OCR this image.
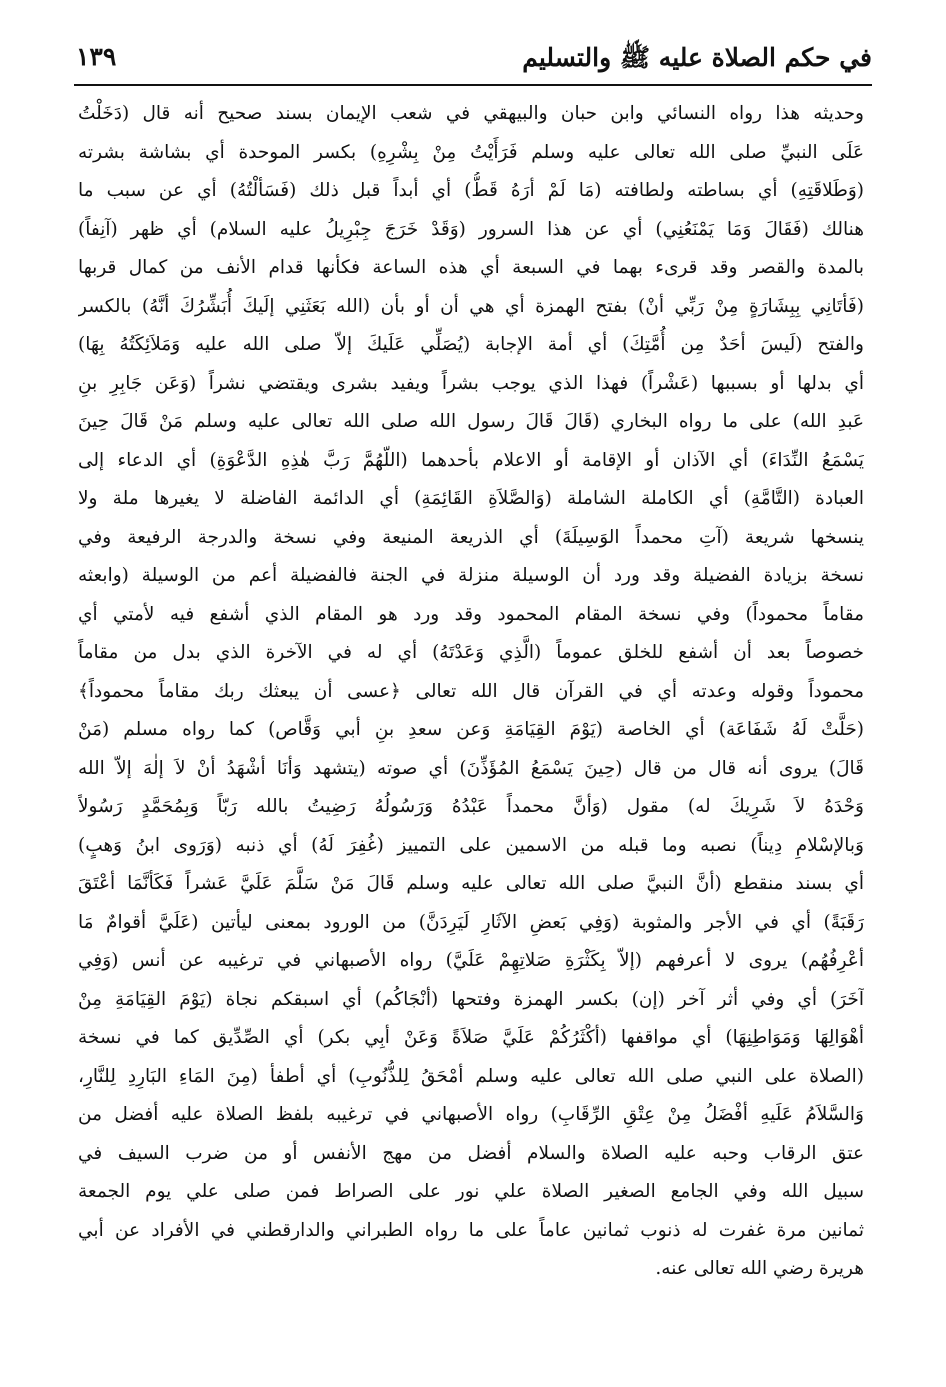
في حكم الصلاة عليه ﷺ والتسليم
١٣٩
وحديثه هذا رواه النسائي وابن حبان والبيهقي في شعب الإيمان بسند صحيح أنه قال (دَخَلْتُ
عَلَى النبيِّ صلى الله تعالى عليه وسلم فَرَأَيْتُ مِنْ بِشْرِهِ) بكسر الموحدة أي بشاشة بشرته
(وَطَلاقَتِهِ) أي بساطته ولطافته (مَا لَمْ أرَهُ قَطُّ) أي أبداً قبل ذلك (فَسَألْتُهُ) أي عن سبب ما
هنالك (فَقَالَ وَمَا يَمْنَعُنِي) أي عن هذا السرور (وَقَدْ خَرَجَ جِبْرِيلُ عليه السلام) أي ظهر (آنِفاً)
بالمدة والقصر وقد قرىء بهما في السبعة أي هذه الساعة فكأنها قدام الأنف من كمال قربها
(فَأتَانِي بِبِشَارَةٍ مِنْ رَبِّي أنْ) بفتح الهمزة أي هي أن أو بأن (الله بَعَثَنِي إلَيكَ أُبَشِّرُكَ أنَّهُ) بالكسر
والفتح (لَيسَ أحَدٌ مِن أُمَّتِكَ) أي أمة الإجابة (يُصَلِّي عَلَيكَ إلاّ صلى الله عليه وَمَلاَئِكَتُهُ بِهَا)
أي بدلها أو بسببها (عَشْراً) فهذا الذي يوجب بشراً ويفيد بشرى ويقتضي نشراً (وَعَن جَابِرِ بنِ
عَبدِ الله) على ما رواه البخاري (قَالَ قَالَ رسول الله صلى الله تعالى عليه وسلم مَنْ قَالَ حِينَ
يَسْمَعُ النِّدَاءَ) أي الآذان أو الإقامة أو الاعلام بأحدهما (اللّهُمَّ رَبَّ هٰذِهِ الدَّعْوَةِ) أي الدعاء إلى
العبادة (التَّامَّةِ) أي الكاملة الشاملة (وَالصَّلاَةِ القَائِمَةِ) أي الدائمة الفاضلة لا يغيرها ملة ولا
ينسخها شريعة (آتِ محمداً الوَسِيلَةَ) أي الذريعة المنيعة وفي نسخة والدرجة الرفيعة وفي
نسخة بزيادة الفضيلة وقد ورد أن الوسيلة منزلة في الجنة فالفضيلة أعم من الوسيلة (وابعثه
مقاماً محموداً) وفي نسخة المقام المحمود وقد ورد هو المقام الذي أشفع فيه لأمتي أي
خصوصاً بعد أن أشفع للخلق عموماً (الَّذِي وَعَدْتَهُ) أي له في الآخرة الذي بدل من مقاماً
محموداً وقوله وعدته أي في القرآن قال الله تعالى ﴿عسى أن يبعثك ربك مقاماً محموداً﴾
(حَلَّتْ لَهُ شَفَاعَة) أي الخاصة (يَوْمَ القِيَامَةِ وَعن سعدِ بنِ أبي وَقَّاص) كما رواه مسلم (مَنْ
قَالَ) يروى أنه قال من قال (حِينَ يَسْمَعُ المُؤَذِّنَ) أي صوته (يتشهد وَأنَا أشْهَدُ أنْ لاَ إلٰهَ إلاّ الله
وَحْدَهُ لاَ شَرِيكَ له) مقول (وَأنَّ محمداً عَبْدُهُ وَرَسُولُهُ رَضِيتُ بالله رَبّاً وَبِمُحَمَّدٍ رَسُولاً
وَبالإسْلامِ دِيناً) نصبه وما قبله من الاسمين على التمييز (غُفِرَ لَهُ) أي ذنبه (وَرَوى ابنُ وَهبٍ)
أي بسند منقطع (أنَّ النبيَّ صلى الله تعالى عليه وسلم قَالَ مَنْ سَلَّمَ عَلَيَّ عَشراً فَكَأنَّمَا أعْتَقَ
رَقَبَةً) أي في الأجر والمثوبة (وَفِي بَعضِ الآثَارِ لَيَرِدَنَّ) من الورود بمعنى ليأتين (عَلَيَّ أقوامٌ مَا
أعْرِفُهُم) يروى لا أعرفهم (إلاّ بِكَثْرَةِ صَلاتِهِمْ عَلَيَّ) رواه الأصبهاني في ترغيبه عن أنس (وَفِي
آخَرَ) أي وفي أثر آخر (إن) بكسر الهمزة وفتحها (أنْجَاكُم) أي اسبقكم نجاة (يَوْمَ القِيَامَةِ مِنْ
أهْوَالِهَا وَمَوَاطِنِهَا) أي مواقفها (أكْثَرُكُمْ عَلَيَّ صَلاَةً وَعَنْ أبِي بكر) أي الصِّدِّيق كما في نسخة
(الصلاة على النبي صلى الله تعالى عليه وسلم أمْحَقُ لِلذُّنُوبِ) أي أطفأ (مِنَ المَاءِ البَارِدِ لِلنَّارِ،
وَالسَّلاَمُ عَلَيهِ أفْضَلُ مِنْ عِتْقِ الرِّقَابِ) رواه الأصبهاني في ترغيبه بلفظ الصلاة عليه أفضل من
عتق الرقاب وحبه عليه الصلاة والسلام أفضل من مهج الأنفس أو من ضرب السيف في
سبيل الله وفي الجامع الصغير الصلاة علي نور على الصراط فمن صلى علي يوم الجمعة
ثمانين مرة غفرت له ذنوب ثمانين عاماً على ما رواه الطبراني والدارقطني في الأفراد عن أبي
هريرة رضي الله تعالى عنه.
